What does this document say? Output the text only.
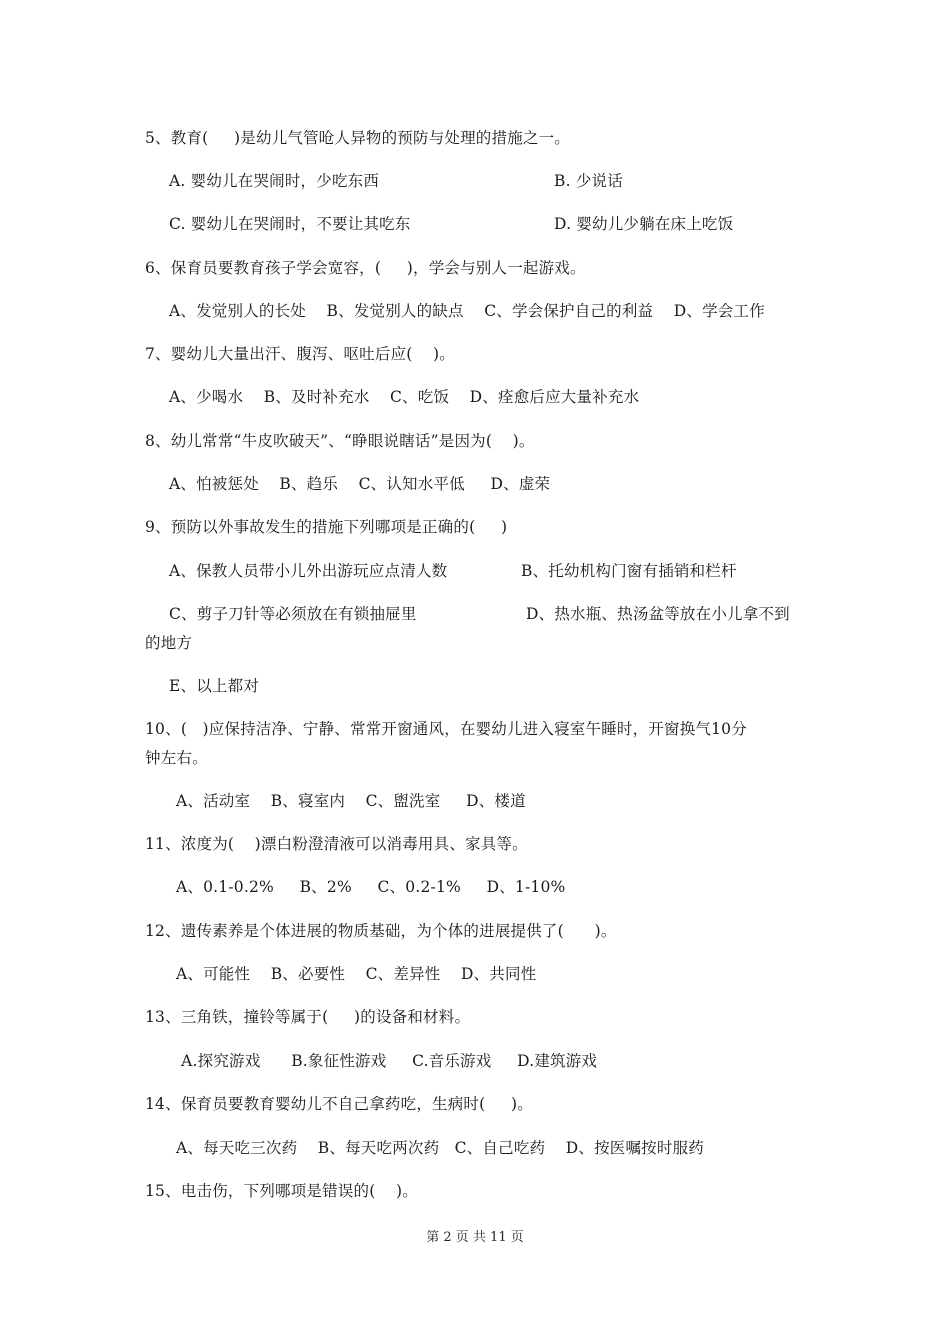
5、教育(     )是幼儿气管呛人异物的预防与处理的措施之一。
A. 婴幼儿在哭闹时，少吃东西	B. 少说话
C. 婴幼儿在哭闹时，不要让其吃东	D. 婴幼儿少躺在床上吃饭
6、保育员要教育孩子学会宽容，(     )，学会与别人一起游戏。
A、发觉别人的长处    B、发觉别人的缺点    C、学会保护自己的利益    D、学会工作
7、婴幼儿大量出汗、腹泻、呕吐后应(    )。
A、少喝水    B、及时补充水    C、吃饭    D、痊愈后应大量补充水
8、幼儿常常“牛皮吹破天”、“睁眼说瞎话”是因为(    )。
A、怕被惩处    B、趋乐    C、认知水平低     D、虚荣
9、预防以外事故发生的措施下列哪项是正确的(     )
A、保教人员带小儿外出游玩应点清人数	B、托幼机构门窗有插销和栏杆
C、剪子刀针等必须放在有锁抽屉里	D、热水瓶、热汤盆等放在小儿拿不到
的地方
E、以上都对
10、(   )应保持洁净、宁静、常常开窗通风，在婴幼儿进入寝室午睡时，开窗换气10分
钟左右。
A、活动室    B、寝室内    C、盥洗室     D、楼道
11、浓度为(    )漂白粉澄清液可以消毒用具、家具等。
A、0.1-0.2%     B、2%     C、0.2-1%     D、1-10%
12、遗传素养是个体进展的物质基础，为个体的进展提供了(      )。
A、可能性    B、必要性    C、差异性    D、共同性
13、三角铁，撞铃等属于(     )的设备和材料。
A.探究游戏      B.象征性游戏     C.音乐游戏     D.建筑游戏
14、保育员要教育婴幼儿不自己拿药吃，生病时(     )。
A、每天吃三次药    B、每天吃两次药   C、自己吃药    D、按医嘱按时服药
15、电击伤，下列哪项是错误的(    )。
第 2 页 共 11 页
